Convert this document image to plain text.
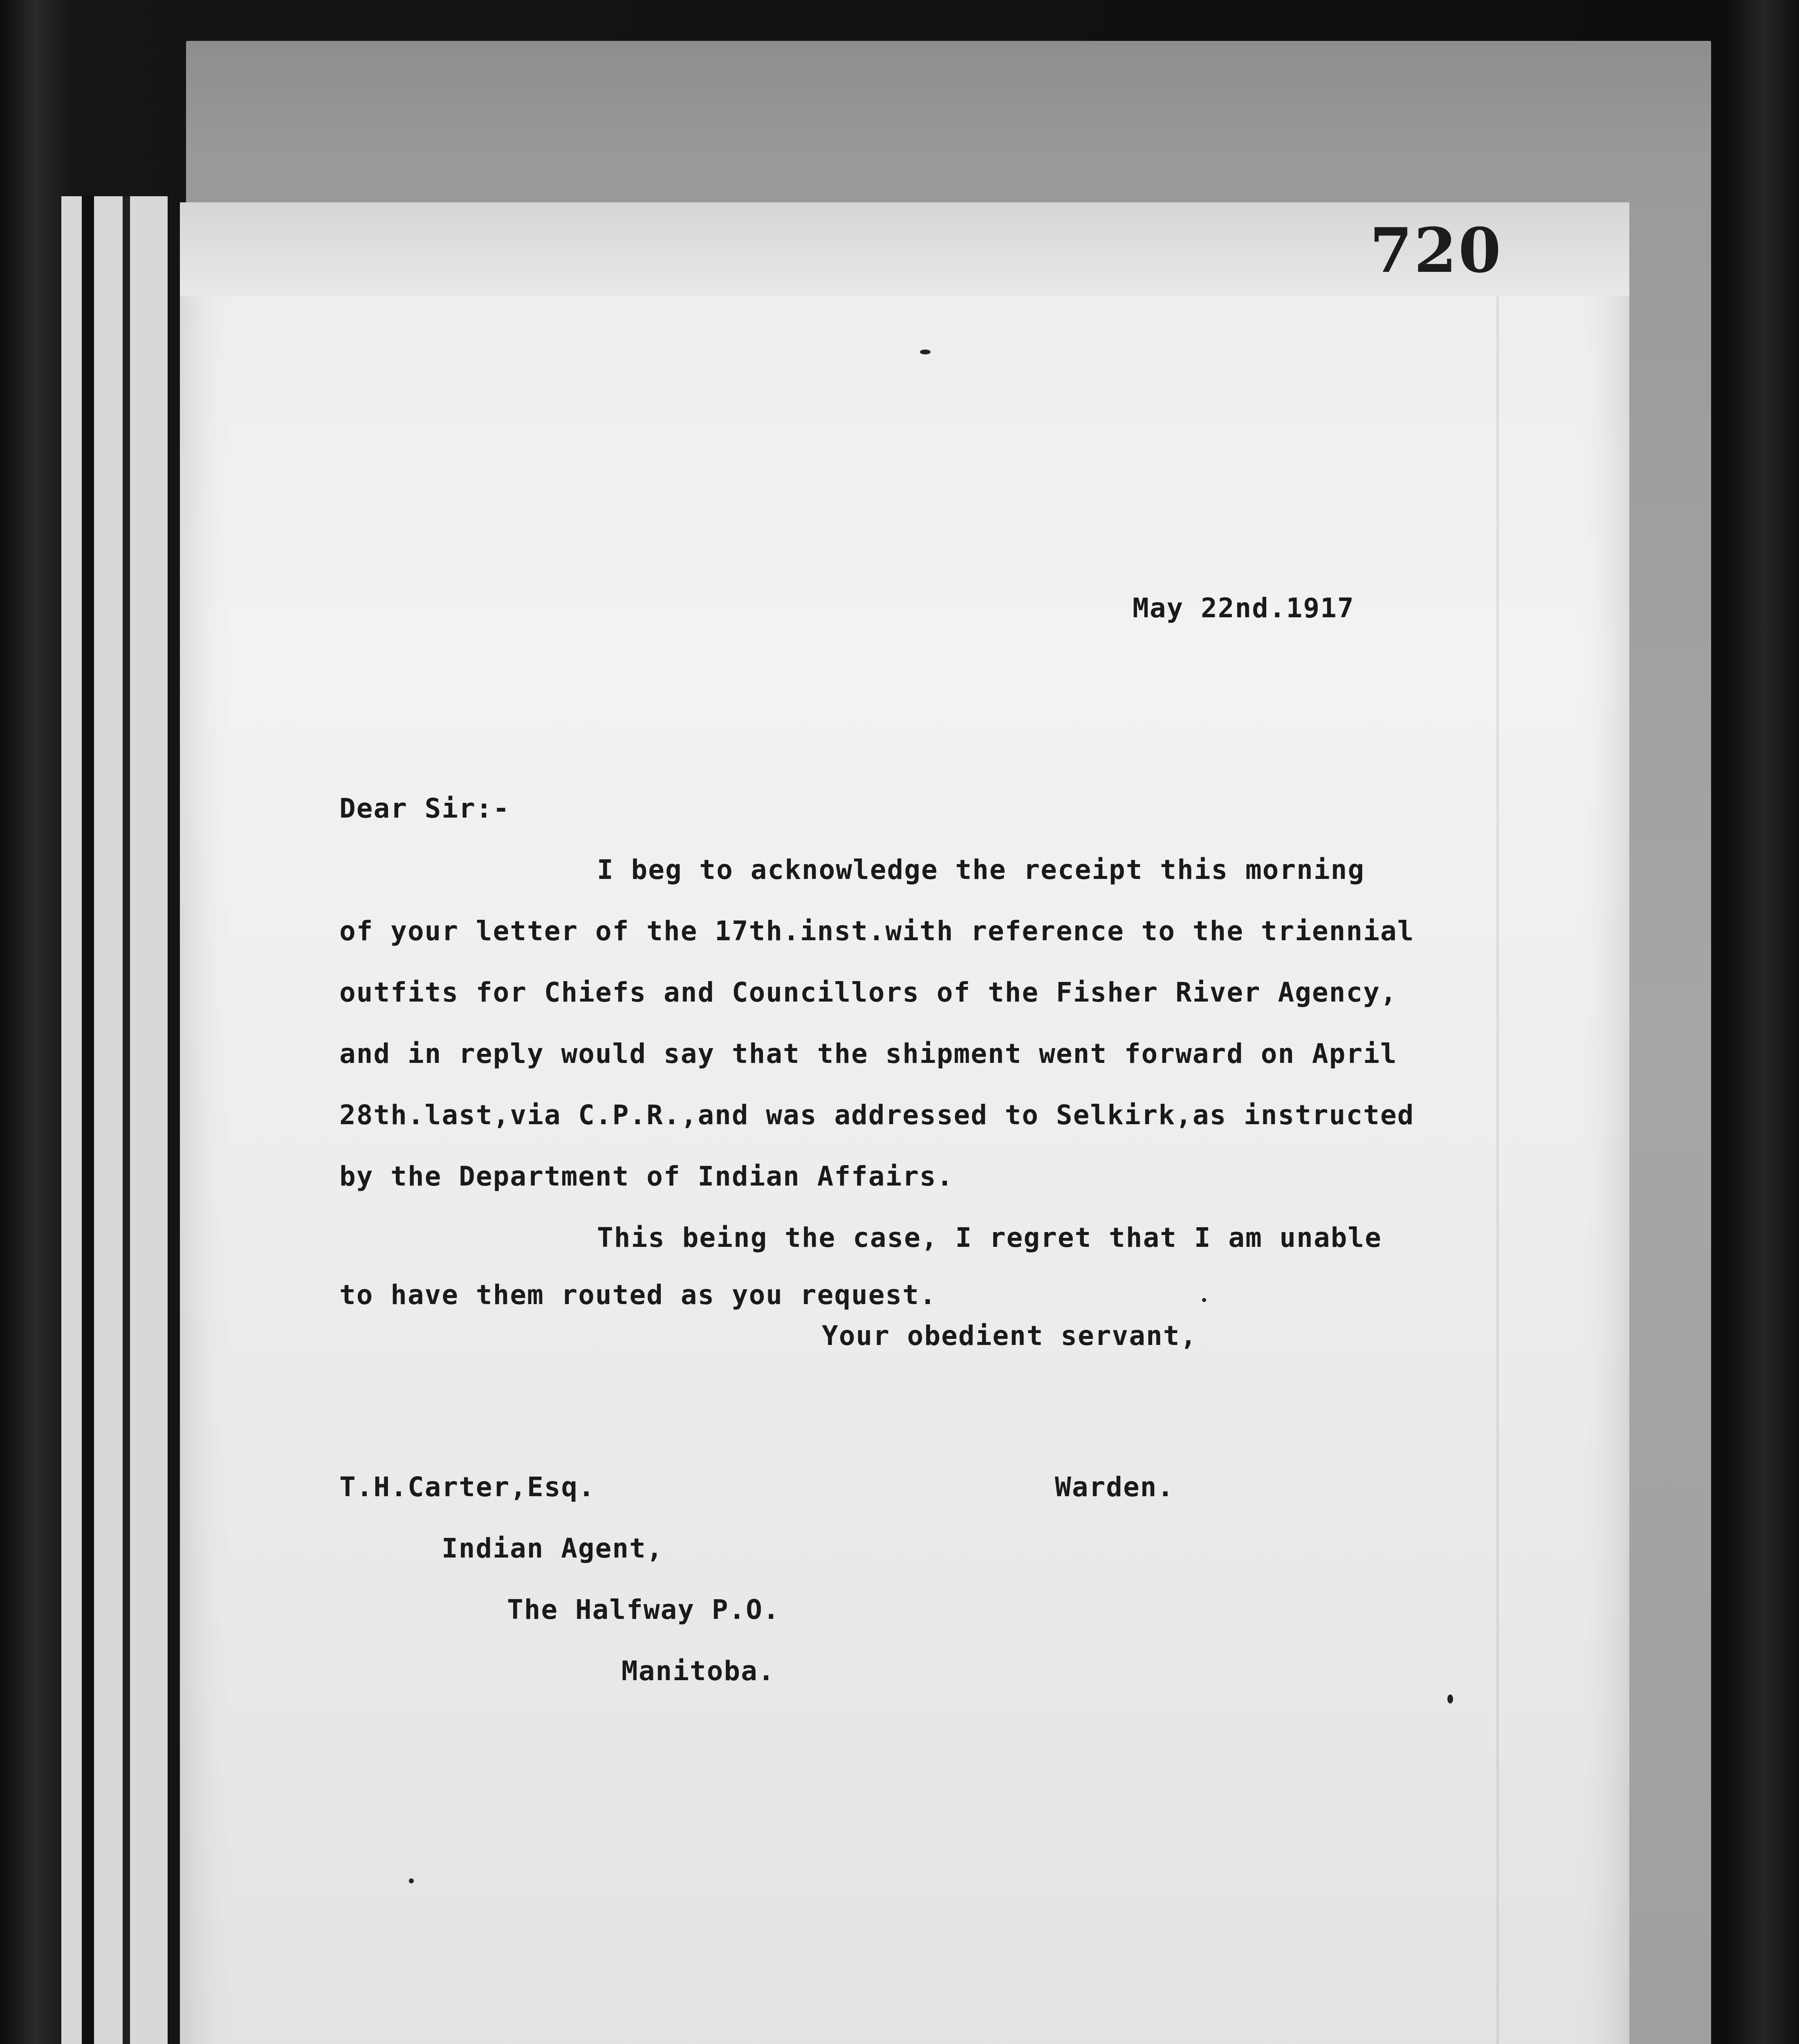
720
May 22nd.1917
Dear Sir:-
I beg to acknowledge the receipt this morning
of your letter of the 17th.inst.with reference to the triennial
outfits for Chiefs and Councillors of the Fisher River Agency,
and in reply would say that the shipment went forward on April
28th.last,via C.P.R.,and was addressed to Selkirk,as instructed
by the Department of Indian Affairs.
This being the case, I regret that I am unable
to have them routed as you request.
Your obedient servant,
T.H.Carter,Esq.
Indian Agent,
The Halfway P.O.
Manitoba.
Warden.
